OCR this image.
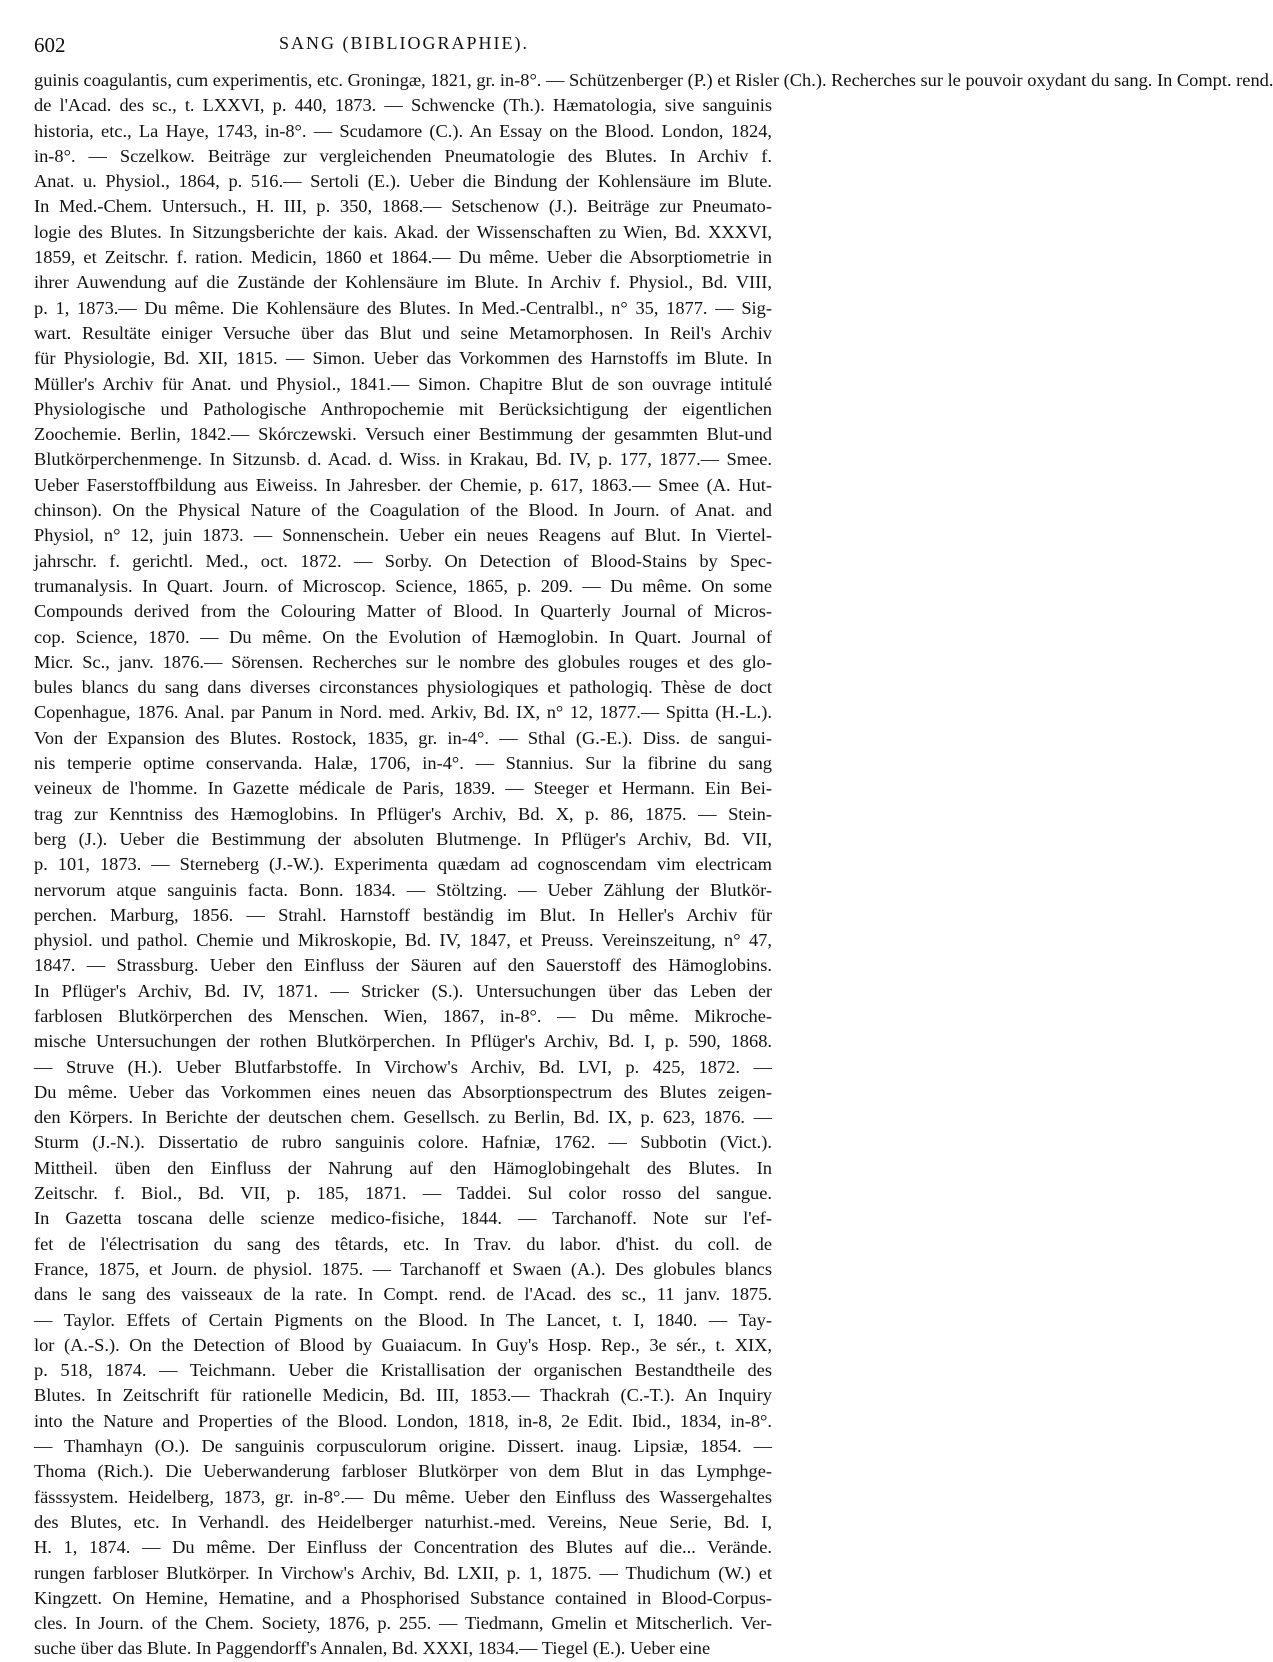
602	SANG (BIBLIOGRAPHIE).
guinis coagulantis, cum experimentis, etc. Groningæ, 1821, gr. in-8°. — Schützenberger (P.) et Risler (Ch.). Recherches sur le pouvoir oxydant du sang. In Compt. rend.
de l'Acad. des sc., t. LXXVI, p. 440, 1873. — Schwencke (Th.). Hæmatologia, sive sanguinis
historia, etc., La Haye, 1743, in-8°. — Scudamore (C.). An Essay on the Blood. London, 1824,
in-8°. — Sczelkow. Beiträge zur vergleichenden Pneumatologie des Blutes. In Archiv f.
Anat. u. Physiol., 1864, p. 516.— Sertoli (E.). Ueber die Bindung der Kohlensäure im Blute.
In Med.-Chem. Untersuch., H. III, p. 350, 1868.— Setschenow (J.). Beiträge zur Pneumato-
logie des Blutes. In Sitzungsberichte der kais. Akad. der Wissenschaften zu Wien, Bd. XXXVI,
1859, et Zeitschr. f. ration. Medicin, 1860 et 1864.— Du même. Ueber die Absorptiometrie in
ihrer Auwendung auf die Zustände der Kohlensäure im Blute. In Archiv f. Physiol., Bd. VIII,
p. 1, 1873.— Du même. Die Kohlensäure des Blutes. In Med.-Centralbl., n° 35, 1877. — Sig-
wart. Resultäte einiger Versuche über das Blut und seine Metamorphosen. In Reil's Archiv
für Physiologie, Bd. XII, 1815. — Simon. Ueber das Vorkommen des Harnstoffs im Blute. In
Müller's Archiv für Anat. und Physiol., 1841.— Simon. Chapitre Blut de son ouvrage intitulé
Physiologische und Pathologische Anthropochemie mit Berücksichtigung der eigentlichen
Zoochemie. Berlin, 1842.— Skórczewski. Versuch einer Bestimmung der gesammten Blut-und
Blutkörperchenmenge. In Sitzunsb. d. Acad. d. Wiss. in Krakau, Bd. IV, p. 177, 1877.— Smee.
Ueber Faserstoffbildung aus Eiweiss. In Jahresber. der Chemie, p. 617, 1863.— Smee (A. Hut-
chinson). On the Physical Nature of the Coagulation of the Blood. In Journ. of Anat. and
Physiol, n° 12, juin 1873. — Sonnenschein. Ueber ein neues Reagens auf Blut. In Viertel-
jahrschr. f. gerichtl. Med., oct. 1872. — Sorby. On Detection of Blood-Stains by Spec-
trumanalysis. In Quart. Journ. of Microscop. Science, 1865, p. 209. — Du même. On some
Compounds derived from the Colouring Matter of Blood. In Quarterly Journal of Micros-
cop. Science, 1870. — Du même. On the Evolution of Hæmoglobin. In Quart. Journal of
Micr. Sc., janv. 1876.— Sörensen. Recherches sur le nombre des globules rouges et des glo-
bules blancs du sang dans diverses circonstances physiologiques et pathologiq. Thèse de doct
Copenhague, 1876. Anal. par Panum in Nord. med. Arkiv, Bd. IX, n° 12, 1877.— Spitta (H.-L.).
Von der Expansion des Blutes. Rostock, 1835, gr. in-4°. — Sthal (G.-E.). Diss. de sangui-
nis temperie optime conservanda. Halæ, 1706, in-4°. — Stannius. Sur la fibrine du sang
veineux de l'homme. In Gazette médicale de Paris, 1839. — Steeger et Hermann. Ein Bei-
trag zur Kenntniss des Hæmoglobins. In Pflüger's Archiv, Bd. X, p. 86, 1875. — Stein-
berg (J.). Ueber die Bestimmung der absoluten Blutmenge. In Pflüger's Archiv, Bd. VII,
p. 101, 1873. — Sterneberg (J.-W.). Experimenta quædam ad cognoscendam vim electricam
nervorum atque sanguinis facta. Bonn. 1834. — Stöltzing. — Ueber Zählung der Blutkör-
perchen. Marburg, 1856. — Strahl. Harnstoff beständig im Blut. In Heller's Archiv für
physiol. und pathol. Chemie und Mikroskopie, Bd. IV, 1847, et Preuss. Vereinszeitung, n° 47,
1847. — Strassburg. Ueber den Einfluss der Säuren auf den Sauerstoff des Hämoglobins.
In Pflüger's Archiv, Bd. IV, 1871. — Stricker (S.). Untersuchungen über das Leben der
farblosen Blutkörperchen des Menschen. Wien, 1867, in-8°. — Du même. Mikroche-
mische Untersuchungen der rothen Blutkörperchen. In Pflüger's Archiv, Bd. I, p. 590, 1868.
— Struve (H.). Ueber Blutfarbstoffe. In Virchow's Archiv, Bd. LVI, p. 425, 1872. —
Du même. Ueber das Vorkommen eines neuen das Absorptionspectrum des Blutes zeigen-
den Körpers. In Berichte der deutschen chem. Gesellsch. zu Berlin, Bd. IX, p. 623, 1876. —
Sturm (J.-N.). Dissertatio de rubro sanguinis colore. Hafniæ, 1762. — Subbotin (Vict.).
Mittheil. üben den Einfluss der Nahrung auf den Hämoglobingehalt des Blutes. In
Zeitschr. f. Biol., Bd. VII, p. 185, 1871. — Taddei. Sul color rosso del sangue.
In Gazetta toscana delle scienze medico-fisiche, 1844. — Tarchanoff. Note sur l'ef-
fet de l'électrisation du sang des têtards, etc. In Trav. du labor. d'hist. du coll. de
France, 1875, et Journ. de physiol. 1875. — Tarchanoff et Swaen (A.). Des globules blancs
dans le sang des vaisseaux de la rate. In Compt. rend. de l'Acad. des sc., 11 janv. 1875.
— Taylor. Effets of Certain Pigments on the Blood. In The Lancet, t. I, 1840. — Tay-
lor (A.-S.). On the Detection of Blood by Guaiacum. In Guy's Hosp. Rep., 3e sér., t. XIX,
p. 518, 1874. — Teichmann. Ueber die Kristallisation der organischen Bestandtheile des
Blutes. In Zeitschrift für rationelle Medicin, Bd. III, 1853.— Thackrah (C.-T.). An Inquiry
into the Nature and Properties of the Blood. London, 1818, in-8, 2e Edit. Ibid., 1834, in-8°.
— Thamhayn (O.). De sanguinis corpusculorum origine. Dissert. inaug. Lipsiæ, 1854. —
Thoma (Rich.). Die Ueberwanderung farbloser Blutkörper von dem Blut in das Lymphge-
fässsystem. Heidelberg, 1873, gr. in-8°.— Du même. Ueber den Einfluss des Wassergehaltes
des Blutes, etc. In Verhandl. des Heidelberger naturhist.-med. Vereins, Neue Serie, Bd. I,
H. 1, 1874. — Du même. Der Einfluss der Concentration des Blutes auf die... Verände.
rungen farbloser Blutkörper. In Virchow's Archiv, Bd. LXII, p. 1, 1875. — Thudichum (W.) et
Kingzett. On Hemine, Hematine, and a Phosphorised Substance contained in Blood-Corpus-
cles. In Journ. of the Chem. Society, 1876, p. 255. — Tiedmann, Gmelin et Mitscherlich. Ver-
suche über das Blute. In Paggendorff's Annalen, Bd. XXXI, 1834.— Tiegel (E.). Ueber eine
